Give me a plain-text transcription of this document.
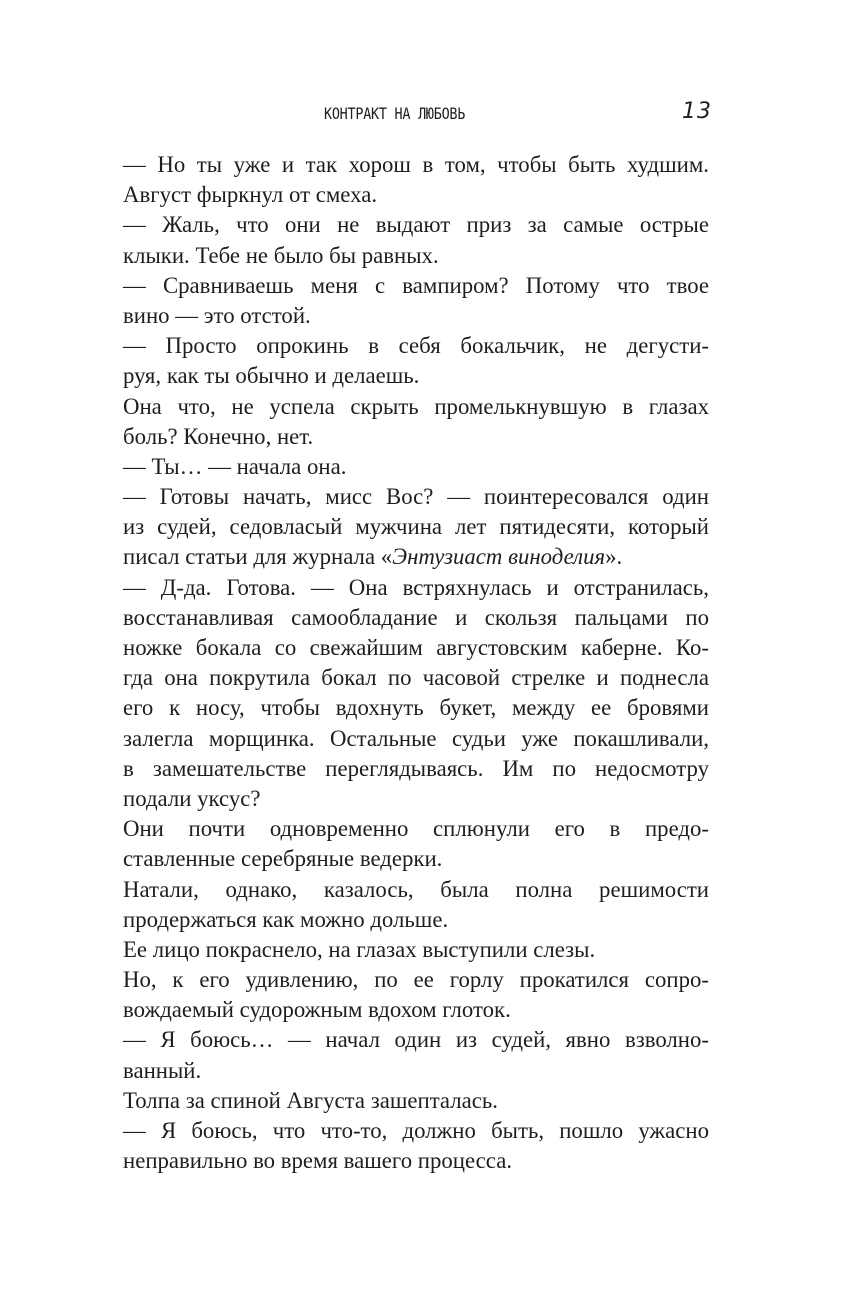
КОНТРАКТ НА ЛЮБОВЬ	13
— Но ты уже и так хорош в том, чтобы быть худшим.
Август фыркнул от смеха.
— Жаль, что они не выдают приз за самые острые
клыки. Тебе не было бы равных.
— Сравниваешь меня с вампиром? Потому что твое
вино — это отстой.
— Просто опрокинь в себя бокальчик, не дегусти-
руя, как ты обычно и делаешь.
Она что, не успела скрыть промелькнувшую в глазах
боль? Конечно, нет.
— Ты… — начала она.
— Готовы начать, мисс Вос? — поинтересовался один
из судей, седовласый мужчина лет пятидесяти, который
писал статьи для журнала «Энтузиаст виноделия».
— Д-да. Готова. — Она встряхнулась и отстранилась,
восстанавливая самообладание и скользя пальцами по
ножке бокала со свежайшим августовским каберне. Ко-
гда она покрутила бокал по часовой стрелке и поднесла
его к носу, чтобы вдохнуть букет, между ее бровями
залегла морщинка. Остальные судьи уже покашливали,
в замешательстве переглядываясь. Им по недосмотру
подали уксус?
Они почти одновременно сплюнули его в предо-
ставленные серебряные ведерки.
Натали, однако, казалось, была полна решимости
продержаться как можно дольше.
Ее лицо покраснело, на глазах выступили слезы.
Но, к его удивлению, по ее горлу прокатился сопро-
вождаемый судорожным вдохом глоток.
— Я боюсь… — начал один из судей, явно взволно-
ванный.
Толпа за спиной Августа зашепталась.
— Я боюсь, что что-то, должно быть, пошло ужасно
неправильно во время вашего процесса.
